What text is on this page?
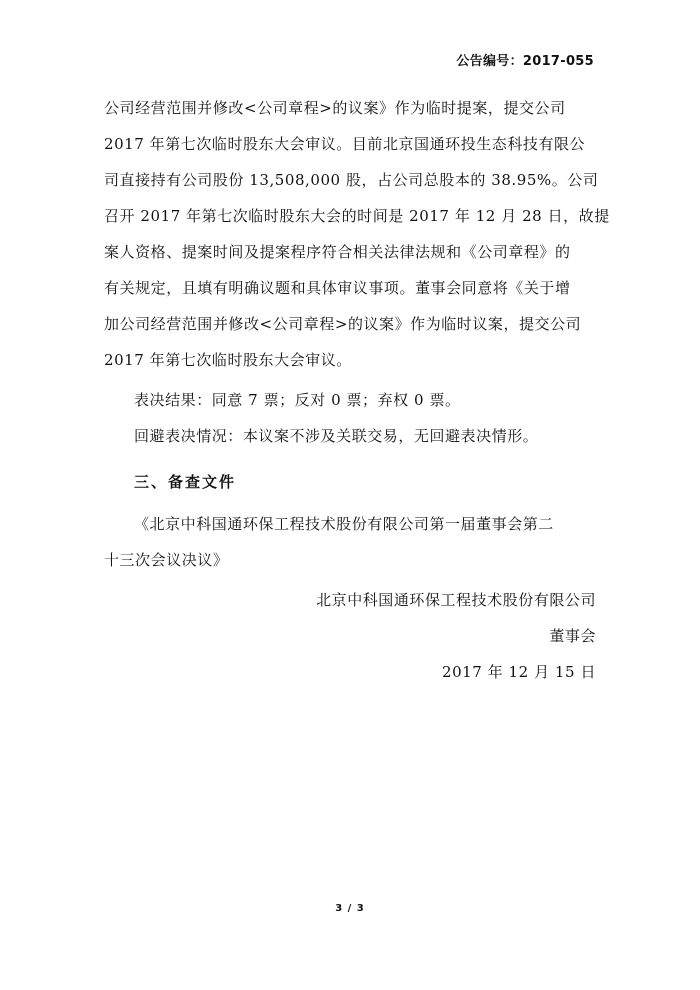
公告编号：2017-055
公司经营范围并修改<公司章程>的议案》作为临时提案，提交公司
2017 年第七次临时股东大会审议。目前北京国通环投生态科技有限公
司直接持有公司股份 13,508,000 股，占公司总股本的 38.95%。公司
召开 2017 年第七次临时股东大会的时间是 2017 年 12 月 28 日，故提
案人资格、提案时间及提案程序符合相关法律法规和《公司章程》的
有关规定，且填有明确议题和具体审议事项。董事会同意将《关于增
加公司经营范围并修改<公司章程>的议案》作为临时议案，提交公司
2017 年第七次临时股东大会审议。
表决结果：同意 7 票；反对 0 票；弃权 0 票。
回避表决情况：本议案不涉及关联交易，无回避表决情形。
三、备查文件
《北京中科国通环保工程技术股份有限公司第一届董事会第二
十三次会议决议》
北京中科国通环保工程技术股份有限公司
董事会
2017 年 12 月 15 日
3 / 3
